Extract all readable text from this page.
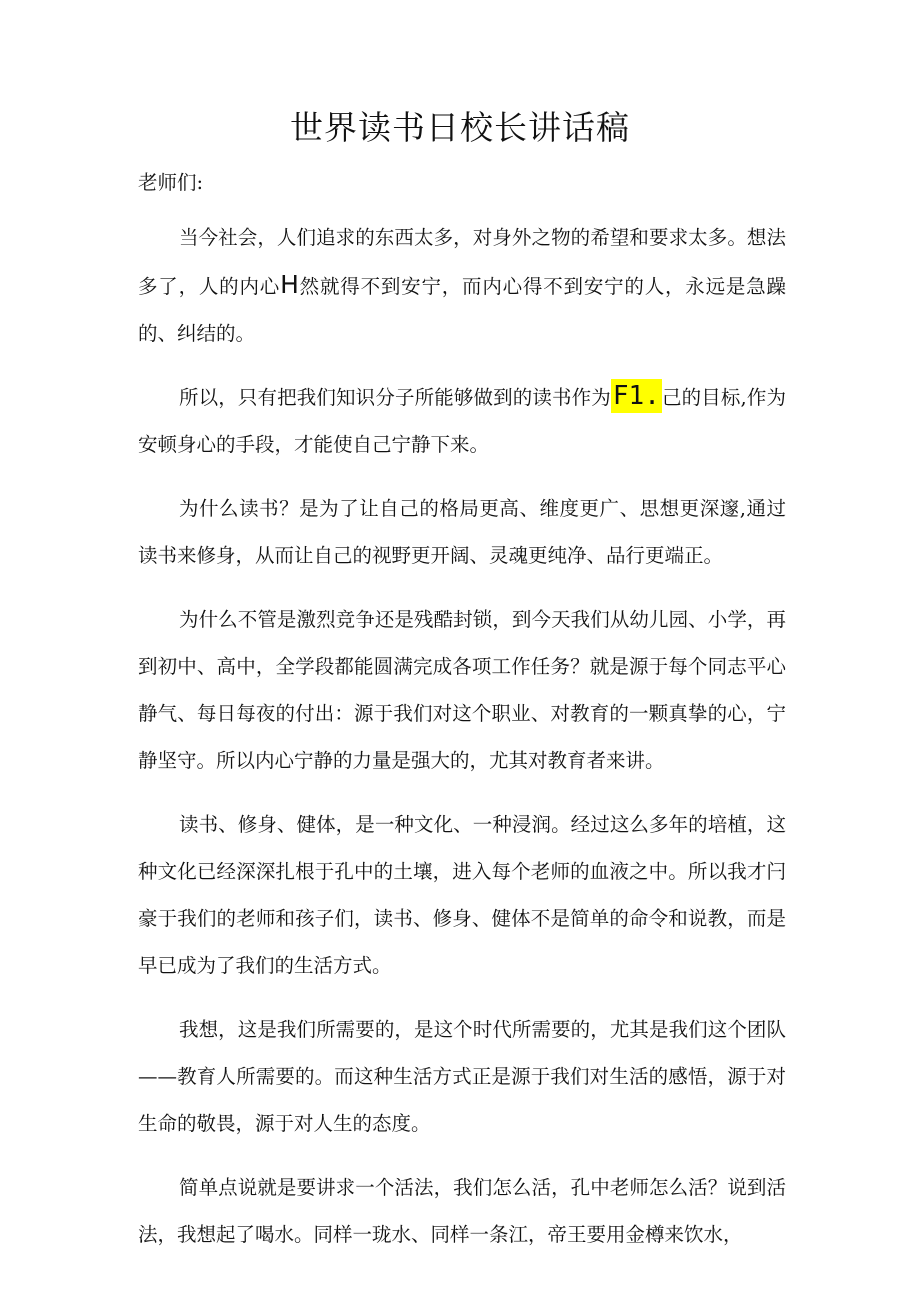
世界读书日校长讲话稿
老师们:

当今社会，人们追求的东西太多，对身外之物的希望和要求太多。想法多了，人的内心H然就得不到安宁，而内心得不到安宁的人，永远是急躁的、纠结的。

所以，只有把我们知识分子所能够做到的读书作为F1. 己的目标,作为安顿身心的手段，才能使自己宁静下来。

为什么读书？是为了让自己的格局更高、维度更广、思想更深邃,通过读书来修身，从而让自己的视野更开阔、灵魂更纯净、品行更端正。

为什么不管是激烈竞争还是残酷封锁，到今天我们从幼儿园、小学，再到初中、高中，全学段都能圆满完成各项工作任务？就是源于每个同志平心静气、每日每夜的付出：源于我们对这个职业、对教育的一颗真挚的心，宁静坚守。所以内心宁静的力量是强大的，尤其对教育者来讲。

读书、修身、健体，是一种文化、一种浸润。经过这么多年的培植，这种文化已经深深扎根于孔中的土壤，进入每个老师的血液之中。所以我才闩豪于我们的老师和孩子们，读书、修身、健体不是简单的命令和说教，而是早已成为了我们的生活方式。

我想，这是我们所需要的，是这个时代所需要的，尤其是我们这个团队——教育人所需要的。而这种生活方式正是源于我们对生活的感悟，源于对生命的敬畏，源于对人生的态度。

简单点说就是要讲求一个活法，我们怎么活，孔中老师怎么活？说到活法，我想起了喝水。同样一珑水、同样一条江，帝王要用金樽来饮水，
